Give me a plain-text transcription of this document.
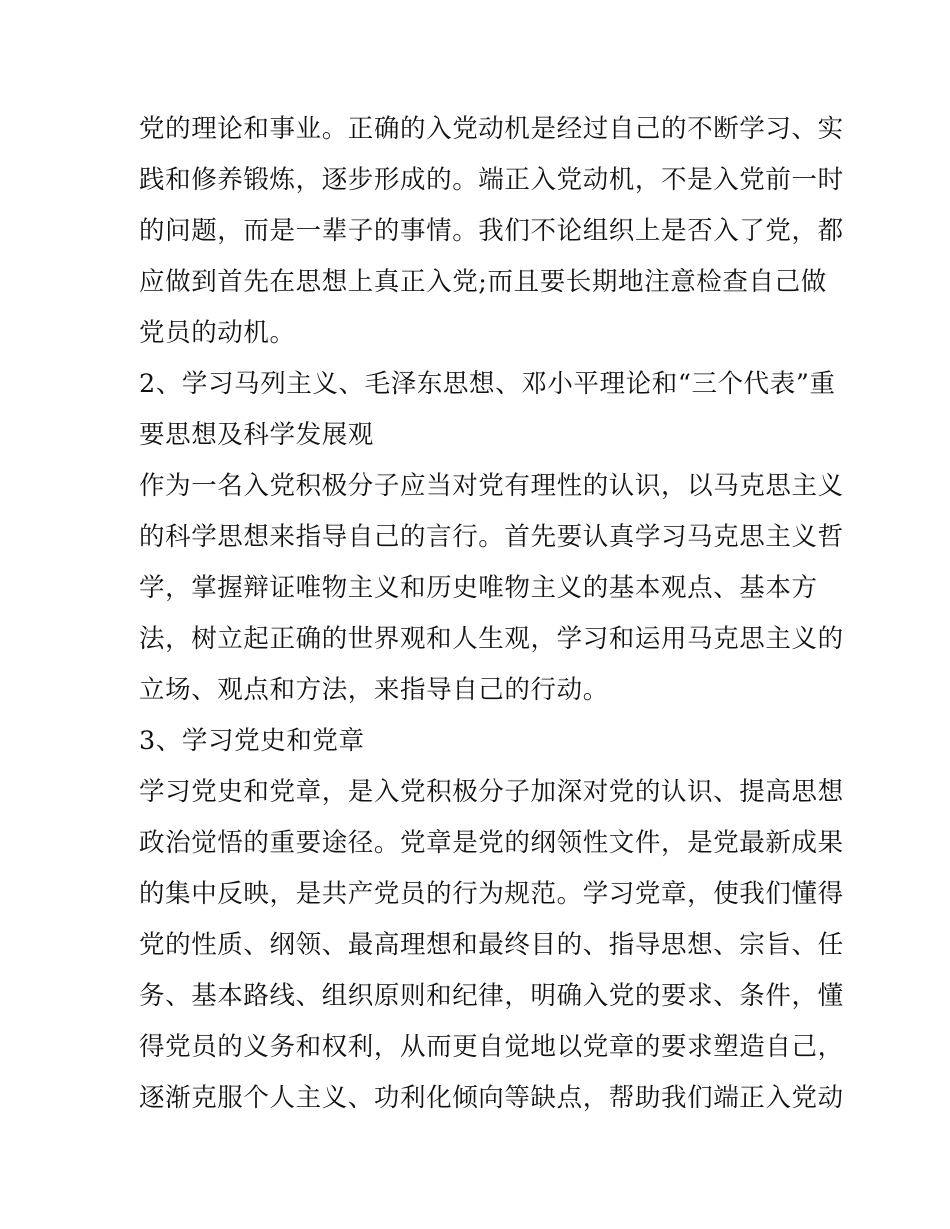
党的理论和事业。正确的入党动机是经过自己的不断学习、实

践和修养锻炼，逐步形成的。端正入党动机，不是入党前一时

的问题，而是一辈子的事情。我们不论组织上是否入了党，都

应做到首先在思想上真正入党;而且要长期地注意检查自己做

党员的动机。

2、学习马列主义、毛泽东思想、邓小平理论和“三个代表”重

要思想及科学发展观

作为一名入党积极分子应当对党有理性的认识，以马克思主义

的科学思想来指导自己的言行。首先要认真学习马克思主义哲

学，掌握辩证唯物主义和历史唯物主义的基本观点、基本方

法，树立起正确的世界观和人生观，学习和运用马克思主义的

立场、观点和方法，来指导自己的行动。

3、学习党史和党章

学习党史和党章，是入党积极分子加深对党的认识、提高思想

政治觉悟的重要途径。党章是党的纲领性文件，是党最新成果

的集中反映，是共产党员的行为规范。学习党章，使我们懂得

党的性质、纲领、最高理想和最终目的、指导思想、宗旨、任

务、基本路线、组织原则和纪律，明确入党的要求、条件，懂

得党员的义务和权利，从而更自觉地以党章的要求塑造自己，

逐渐克服个人主义、功利化倾向等缺点，帮助我们端正入党动
